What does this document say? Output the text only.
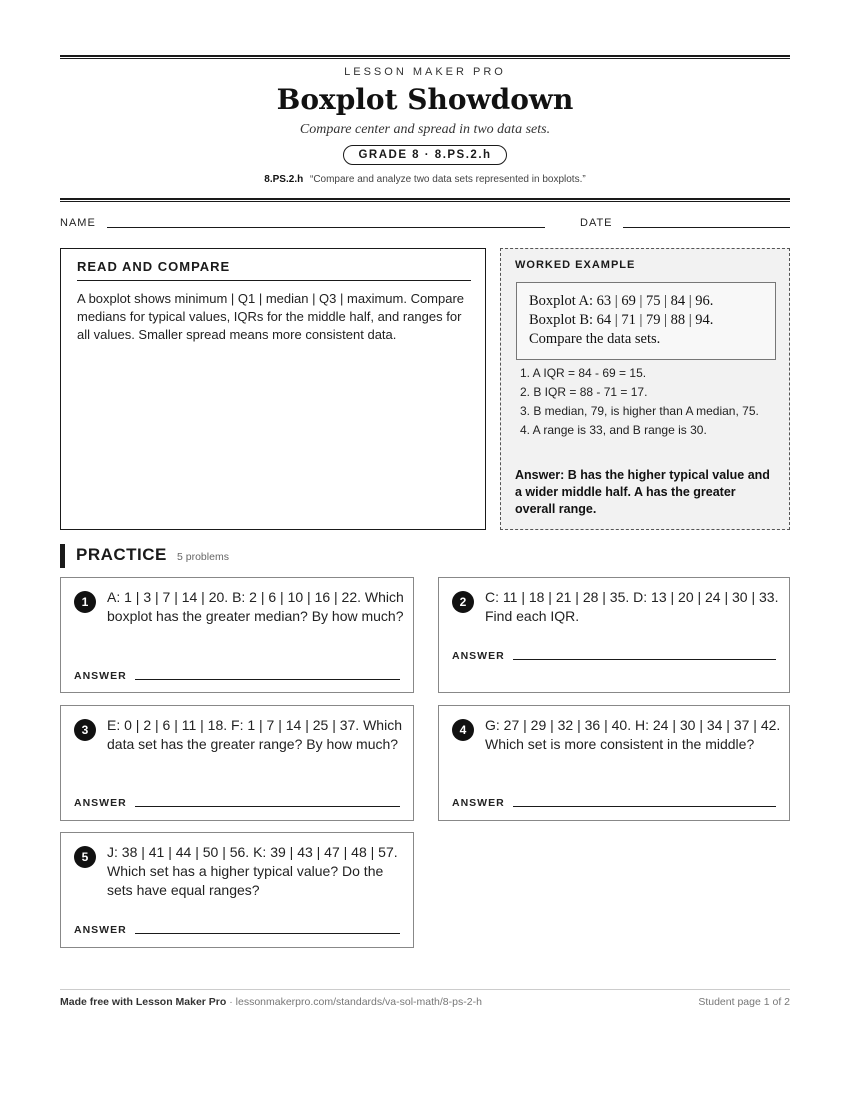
LESSON MAKER PRO
Boxplot Showdown
Compare center and spread in two data sets.
GRADE 8 · 8.PS.2.h
8.PS.2.h “Compare and analyze two data sets represented in boxplots.”
NAME	DATE
READ AND COMPARE
A boxplot shows minimum | Q1 | median | Q3 | maximum. Compare medians for typical values, IQRs for the middle half, and ranges for all values. Smaller spread means more consistent data.
WORKED EXAMPLE
Boxplot A: 63 | 69 | 75 | 84 | 96.
Boxplot B: 64 | 71 | 79 | 88 | 94.
Compare the data sets.
1. A IQR = 84 - 69 = 15.
2. B IQR = 88 - 71 = 17.
3. B median, 79, is higher than A median, 75.
4. A range is 33, and B range is 30.
Answer: B has the higher typical value and a wider middle half. A has the greater overall range.
PRACTICE 5 problems
1	A: 1 | 3 | 7 | 14 | 20. B: 2 | 6 | 10 | 16 | 22. Which boxplot has the greater median? By how much?
ANSWER
2	C: 11 | 18 | 21 | 28 | 35. D: 13 | 20 | 24 | 30 | 33. Find each IQR.
ANSWER
3	E: 0 | 2 | 6 | 11 | 18. F: 1 | 7 | 14 | 25 | 37. Which data set has the greater range? By how much?
ANSWER
4	G: 27 | 29 | 32 | 36 | 40. H: 24 | 30 | 34 | 37 | 42. Which set is more consistent in the middle?
ANSWER
5	J: 38 | 41 | 44 | 50 | 56. K: 39 | 43 | 47 | 48 | 57. Which set has a higher typical value? Do the sets have equal ranges?
ANSWER
Made free with Lesson Maker Pro · lessonmakerpro.com/standards/va-sol-math/8-ps-2-h	Student page 1 of 2
